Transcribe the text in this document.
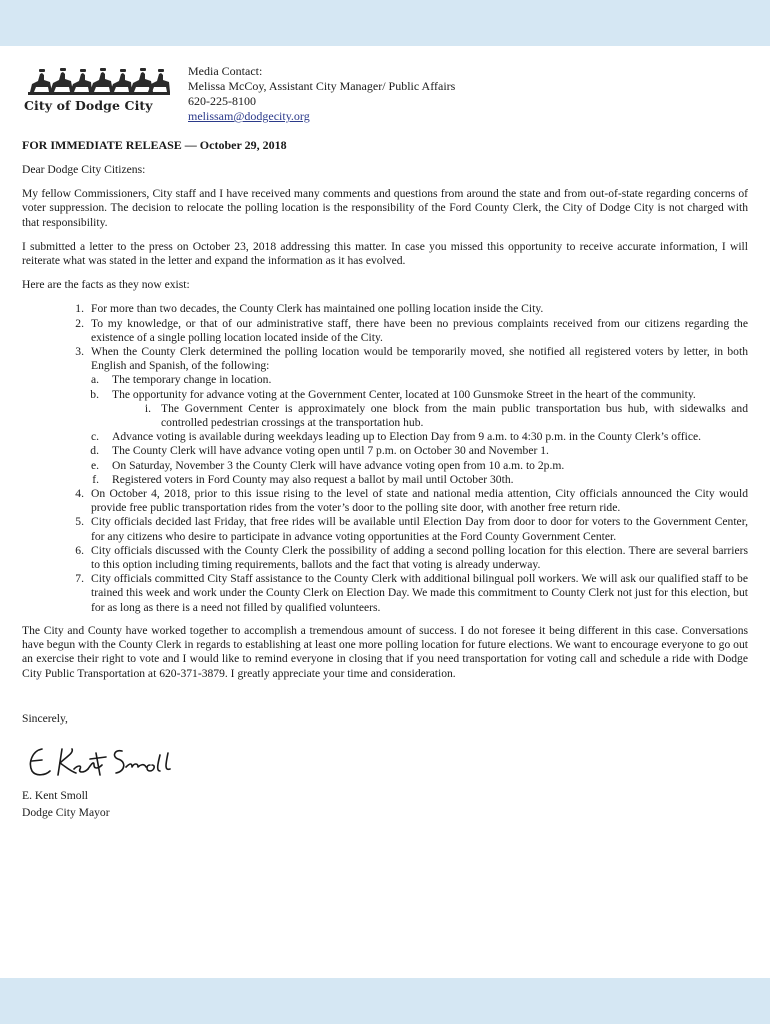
City of Dodge City
Media Contact:
Melissa McCoy, Assistant City Manager/ Public Affairs
620-225-8100
melissam@dodgecity.org
FOR IMMEDIATE RELEASE — October 29, 2018

Dear Dodge City Citizens:

My fellow Commissioners, City staff and I have received many comments and questions from around the state and from out-of-state regarding concerns of voter suppression. The decision to relocate the polling location is the responsibility of the Ford County Clerk, the City of Dodge City is not charged with that responsibility.

I submitted a letter to the press on October 23, 2018 addressing this matter. In case you missed this opportunity to receive accurate information, I will reiterate what was stated in the letter and expand the information as it has evolved.

Here are the facts as they now exist:

1. For more than two decades, the County Clerk has maintained one polling location inside the City.
2. To my knowledge, or that of our administrative staff, there have been no previous complaints received from our citizens regarding the existence of a single polling location located inside of the City.
3. When the County Clerk determined the polling location would be temporarily moved, she notified all registered voters by letter, in both English and Spanish, of the following:
a. The temporary change in location.
b. The opportunity for advance voting at the Government Center, located at 100 Gunsmoke Street in the heart of the community.
i. The Government Center is approximately one block from the main public transportation bus hub, with sidewalks and controlled pedestrian crossings at the transportation hub.
c. Advance voting is available during weekdays leading up to Election Day from 9 a.m. to 4:30 p.m. in the County Clerk’s office.
d. The County Clerk will have advance voting open until 7 p.m. on October 30 and November 1.
e. On Saturday, November 3 the County Clerk will have advance voting open from 10 a.m. to 2p.m.
f. Registered voters in Ford County may also request a ballot by mail until October 30th.
4. On October 4, 2018, prior to this issue rising to the level of state and national media attention, City officials announced the City would provide free public transportation rides from the voter’s door to the polling site door, with another free return ride.
5. City officials decided last Friday, that free rides will be available until Election Day from door to door for voters to the Government Center, for any citizens who desire to participate in advance voting opportunities at the Ford County Government Center.
6. City officials discussed with the County Clerk the possibility of adding a second polling location for this election. There are several barriers to this option including timing requirements, ballots and the fact that voting is already underway.
7. City officials committed City Staff assistance to the County Clerk with additional bilingual poll workers. We will ask our qualified staff to be trained this week and work under the County Clerk on Election Day. We made this commitment to County Clerk not just for this election, but for as long as there is a need not filled by qualified volunteers.

The City and County have worked together to accomplish a tremendous amount of success. I do not foresee it being different in this case. Conversations have begun with the County Clerk in regards to establishing at least one more polling location for future elections. We want to encourage everyone to go out an exercise their right to vote and I would like to remind everyone in closing that if you need transportation for voting call and schedule a ride with Dodge City Public Transportation at 620-371-3879. I greatly appreciate your time and consideration.

Sincerely,
E. Kent Smoll
Dodge City Mayor
